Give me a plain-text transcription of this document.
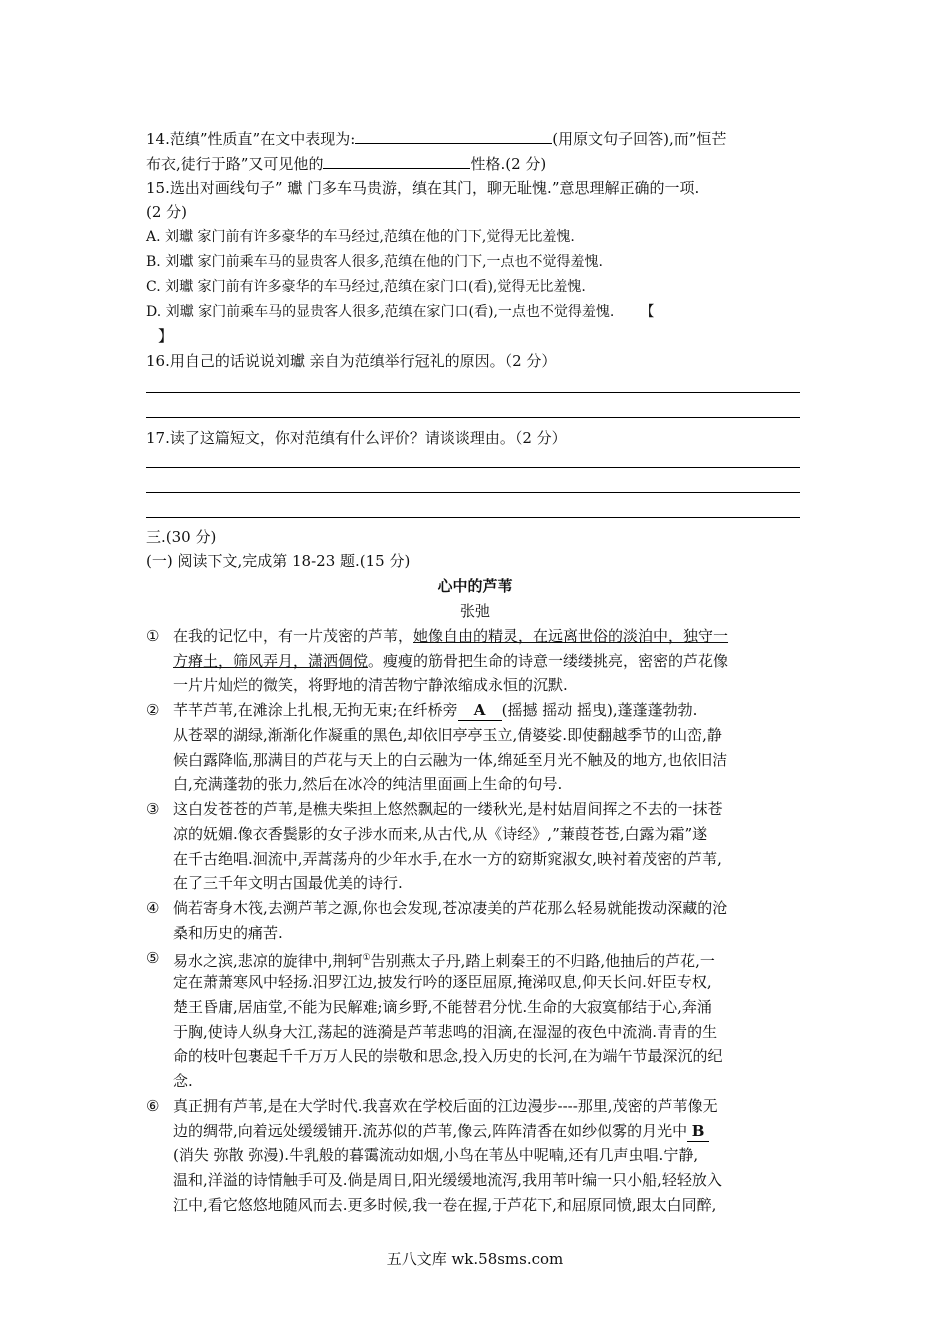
14.范缜”性质直”在文中表现为:	(用原文句子回答),而”恒芒
布衣,徒行于路”又可见他的	性格.(2 分)
15.选出对画线句子” 瓛 门多车马贵游，缜在其门，聊无耻愧.”意思理解正确的一项.
(2 分)
A. 刘瓛 家门前有许多豪华的车马经过,范缜在他的门下,觉得无比羞愧.
B. 刘瓛 家门前乘车马的显贵客人很多,范缜在他的门下,一点也不觉得羞愧.
C. 刘瓛 家门前有许多豪华的车马经过,范缜在家门口(看),觉得无比羞愧.
D. 刘瓛 家门前乘车马的显贵客人很多,范缜在家门口(看),一点也不觉得羞愧. 【
】
16.用自己的话说说刘瓛 亲自为范缜举行冠礼的原因。（2 分）
17.读了这篇短文，你对范缜有什么评价？请谈谈理由。（2 分）
三.(30 分)
(一) 阅读下文,完成第 18-23 题.(15 分)
心中的芦苇
张弛
① 在我的记忆中，有一片茂密的芦苇，她像自由的精灵，在远离世俗的淡泊中，独守一
方瘠土，筛风弄月，潇洒倜傥。瘦瘦的筋骨把生命的诗意一缕缕挑亮，密密的芦花像
一片片灿烂的微笑，将野地的清苦物宁静浓缩成永恒的沉默.
② 芊芊芦苇,在滩涂上扎根,无拘无束;在纤桥旁 A (摇撼 摇动 摇曳),蓬蓬蓬勃勃.
从苍翠的湖绿,渐渐化作凝重的黑色,却依旧亭亭玉立,倩婆娑.即使翻越季节的山峦,静
候白露降临,那满目的芦花与天上的白云融为一体,绵延至月光不触及的地方,也依旧洁
白,充满蓬勃的张力,然后在冰冷的纯洁里面画上生命的句号.
③ 这白发苍苍的芦苇,是樵夫柴担上悠然飘起的一缕秋光,是村姑眉间挥之不去的一抹苍
凉的妩媚.像衣香鬓影的女子涉水而来,从古代,从《诗经》,”蒹葭苍苍,白露为霜”遂
在千古绝唱.洄流中,弄蒿荡舟的少年水手,在水一方的窈斯窕淑女,映衬着茂密的芦苇,
在了三千年文明古国最优美的诗行.
④ 倘若寄身木筏,去溯芦苇之源,你也会发现,苍凉凄美的芦花那么轻易就能拨动深藏的沧
桑和历史的痛苦.
⑤ 易水之滨,悲凉的旋律中,荆轲①告别燕太子丹,踏上刺秦王的不归路,他抽后的芦花,一
定在萧萧寒风中轻扬.汨罗江边,披发行吟的逐臣屈原,掩涕叹息,仰天长问.奸臣专权,
楚王昏庸,居庙堂,不能为民解难;谪乡野,不能替君分忧.生命的大寂寞郁结于心,奔涌
于胸,使诗人纵身大江,荡起的涟漪是芦苇悲鸣的泪滴,在湿湿的夜色中流淌.青青的生
命的枝叶包裹起千千万万人民的崇敬和思念,投入历史的长河,在为端午节最深沉的纪
念.
⑥ 真正拥有芦苇,是在大学时代.我喜欢在学校后面的江边漫步----那里,茂密的芦苇像无
边的绸带,向着远处缓缓铺开.流苏似的芦苇,像云,阵阵清香在如纱似雾的月光中 B
(消失 弥散 弥漫).牛乳般的暮霭流动如烟,小鸟在苇丛中呢喃,还有几声虫唱.宁静,
温和,洋溢的诗情触手可及.倘是周日,阳光缓缓地流泻,我用苇叶编一只小船,轻轻放入
江中,看它悠悠地随风而去.更多时候,我一卷在握,于芦花下,和屈原同愤,跟太白同醉,
五八文库 wk.58sms.com
